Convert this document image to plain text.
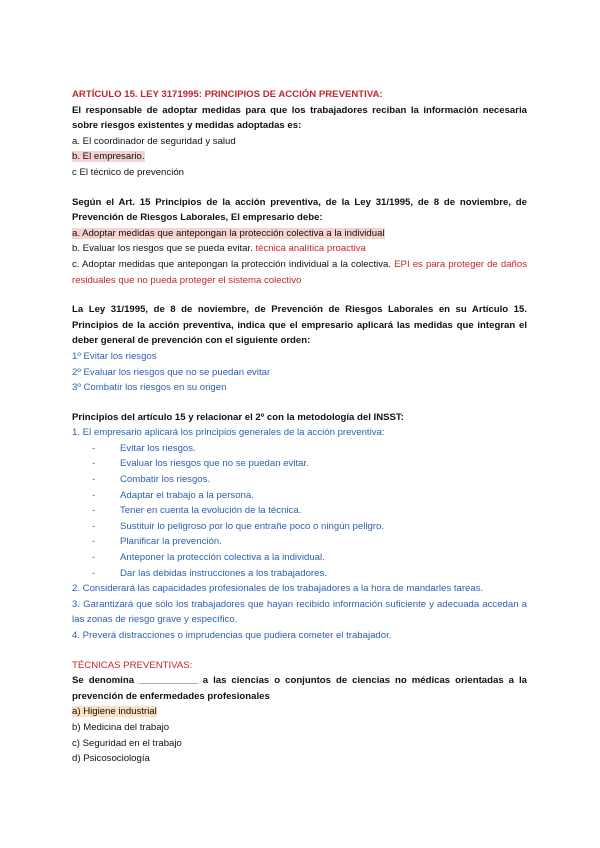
ARTÍCULO 15. LEY 3171995: PRINCIPIOS DE ACCIÓN PREVENTIVA:

El responsable de adoptar medidas para que los trabajadores reciban la información necesaria sobre riesgos existentes y medidas adoptadas es:

a. El coordinador de seguridad y salud

b. El empresario.

c El técnico de prevención

Según el Art. 15 Principios de la acción preventiva, de la Ley 31/1995, de 8 de noviembre, de Prevención de Riesgos Laborales, El empresario debe:

a. Adoptar medidas que antepongan la protección colectiva a la individual

b. Evaluar los riesgos que se pueda evitar. técnica analítica proactiva

c. Adoptar medidas que antepongan la protección individual a la colectiva. EPI es para proteger de daños residuales que no pueda proteger el sistema colectivo

La Ley 31/1995, de 8 de noviembre, de Prevención de Riesgos Laborales en su Artículo 15. Principios de la acción preventiva, indica que el empresario aplicará las medidas que integran el deber general de prevención con el siguiente orden:

1º Evitar los riesgos

2º Evaluar los riesgos que no se puedan evitar

3º Combatir los riesgos en su origen

Principios del artículo 15 y relacionar el 2º con la metodología del INSST:

1. El empresario aplicará los principios generales de la acción preventiva:

- Evitar los riesgos.
- Evaluar los riesgos que no se puedan evitar.
- Combatir los riesgos.
- Adaptar el trabajo a la persona.
- Tener en cuenta la evolución de la técnica.
- Sustituir lo peligroso por lo que entrañe poco o ningún peligro.
- Planificar la prevención.
- Anteponer la protección colectiva a la individual.
- Dar las debidas instrucciones a los trabajadores.

2. Considerará las capacidades profesionales de los trabajadores a la hora de mandarles tareas.

3. Garantizará que sólo los trabajadores que hayan recibido información suficiente y adecuada accedan a las zonas de riesgo grave y específico.

4. Preverá distracciones o imprudencias que pudiera cometer el trabajador.

TÉCNICAS PREVENTIVAS:

Se denomina ___________ a las ciencias o conjuntos de ciencias no médicas orientadas a la prevención de enfermedades profesionales

a) Higiene industrial

b) Medicina del trabajo

c) Seguridad en el trabajo

d) Psicosociología
